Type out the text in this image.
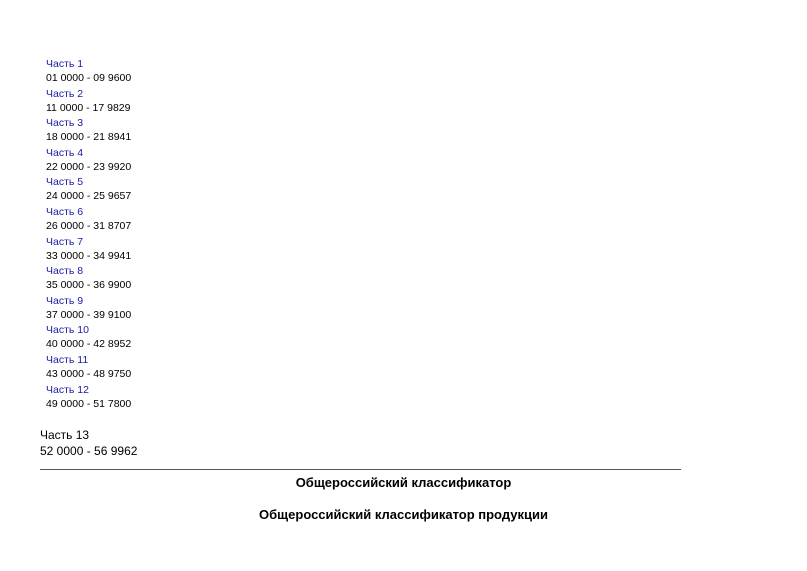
Часть 1
01 0000 - 09 9600
Часть 2
11 0000 - 17 9829
Часть 3
18 0000 - 21 8941
Часть 4
22 0000 - 23 9920
Часть 5
24 0000 - 25 9657
Часть 6
26 0000 - 31 8707
Часть 7
33 0000 - 34 9941
Часть 8
35 0000 - 36 9900
Часть 9
37 0000 - 39 9100
Часть 10
40 0000 - 42 8952
Часть 11
43 0000 - 48 9750
Часть 12
49 0000 - 51 7800
Часть 13
52 0000 - 56 9962
Общероссийский классификатор
Общероссийский классификатор продукции
